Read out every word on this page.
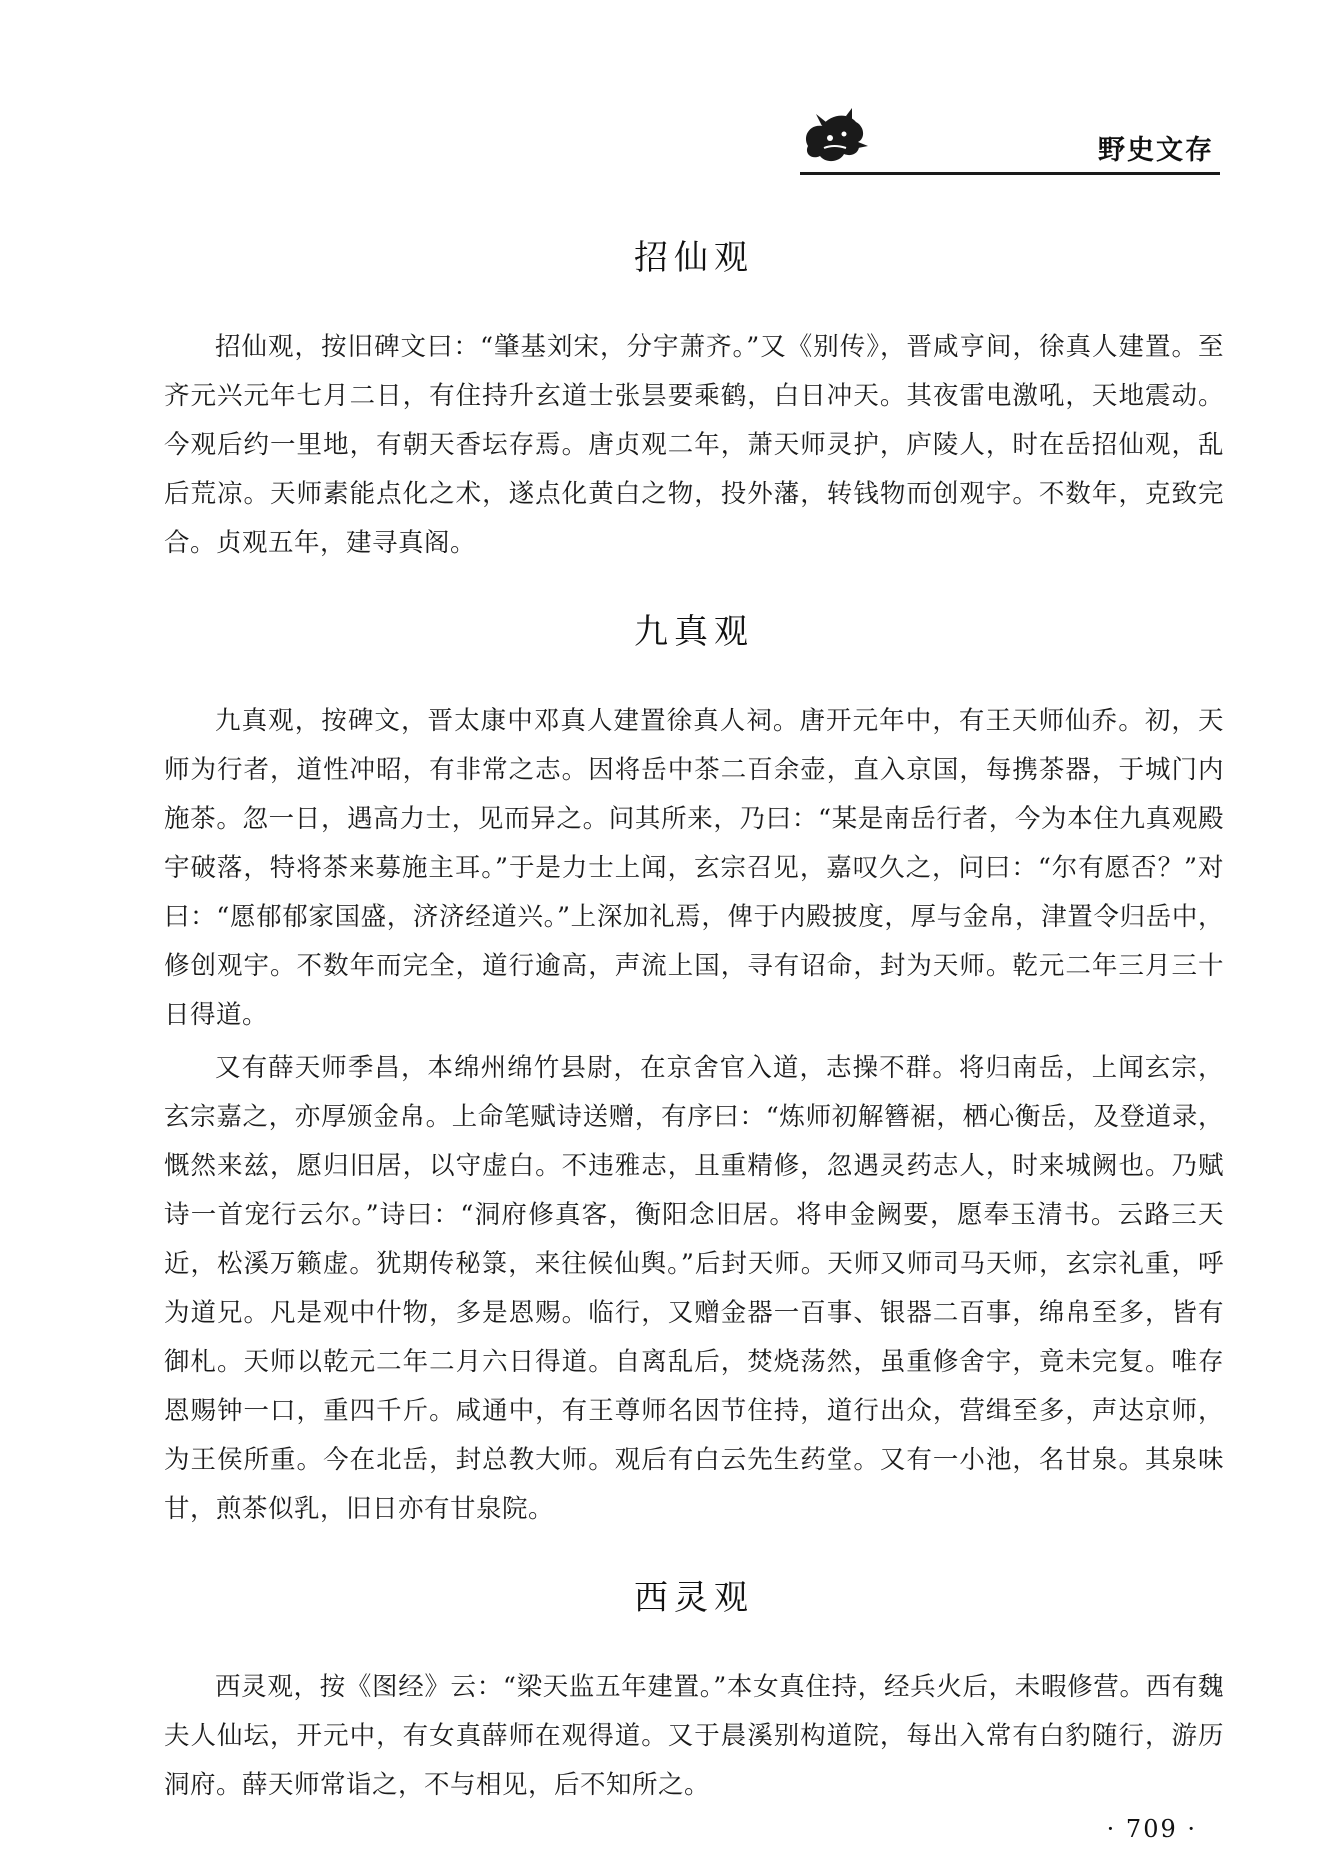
野史文存
招仙观

招仙观，按旧碑文曰：“肇基刘宋，分宇萧齐。”又《别传》，晋咸亨间，徐真人建置。至齐元兴元年七月二日，有住持升玄道士张昙要乘鹤，白日冲天。其夜雷电激吼，天地震动。今观后约一里地，有朝天香坛存焉。唐贞观二年，萧天师灵护，庐陵人，时在岳招仙观，乱后荒凉。天师素能点化之术，遂点化黄白之物，投外藩，转钱物而创观宇。不数年，克致完合。贞观五年，建寻真阁。

九真观

九真观，按碑文，晋太康中邓真人建置徐真人祠。唐开元年中，有王天师仙乔。初，天师为行者，道性冲昭，有非常之志。因将岳中茶二百余壶，直入京国，每携茶器，于城门内施茶。忽一日，遇高力士，见而异之。问其所来，乃曰：“某是南岳行者，今为本住九真观殿宇破落，特将茶来募施主耳。”于是力士上闻，玄宗召见，嘉叹久之，问曰：“尔有愿否？”对曰：“愿郁郁家国盛，济济经道兴。”上深加礼焉，俾于内殿披度，厚与金帛，津置令归岳中，修创观宇。不数年而完全，道行逾高，声流上国，寻有诏命，封为天师。乾元二年三月三十日得道。

又有薛天师季昌，本绵州绵竹县尉，在京舍官入道，志操不群。将归南岳，上闻玄宗，玄宗嘉之，亦厚颁金帛。上命笔赋诗送赠，有序曰：“炼师初解簪裾，栖心衡岳，及登道录，慨然来兹，愿归旧居，以守虚白。不违雅志，且重精修，忽遇灵药志人，时来城阙也。乃赋诗一首宠行云尔。”诗曰：“洞府修真客，衡阳念旧居。将申金阙要，愿奉玉清书。云路三天近，松溪万籁虚。犹期传秘箓，来往候仙舆。”后封天师。天师又师司马天师，玄宗礼重，呼为道兄。凡是观中什物，多是恩赐。临行，又赠金器一百事、银器二百事，绵帛至多，皆有御札。天师以乾元二年二月六日得道。自离乱后，焚烧荡然，虽重修舍宇，竟未完复。唯存恩赐钟一口，重四千斤。咸通中，有王尊师名因节住持，道行出众，营缉至多，声达京师，为王侯所重。今在北岳，封总教大师。观后有白云先生药堂。又有一小池，名甘泉。其泉味甘，煎茶似乳，旧日亦有甘泉院。

西灵观

西灵观，按《图经》云：“梁天监五年建置。”本女真住持，经兵火后，未暇修营。西有魏夫人仙坛，开元中，有女真薛师在观得道。又于晨溪别构道院，每出入常有白豹随行，游历洞府。薛天师常诣之，不与相见，后不知所之。

· 709 ·
